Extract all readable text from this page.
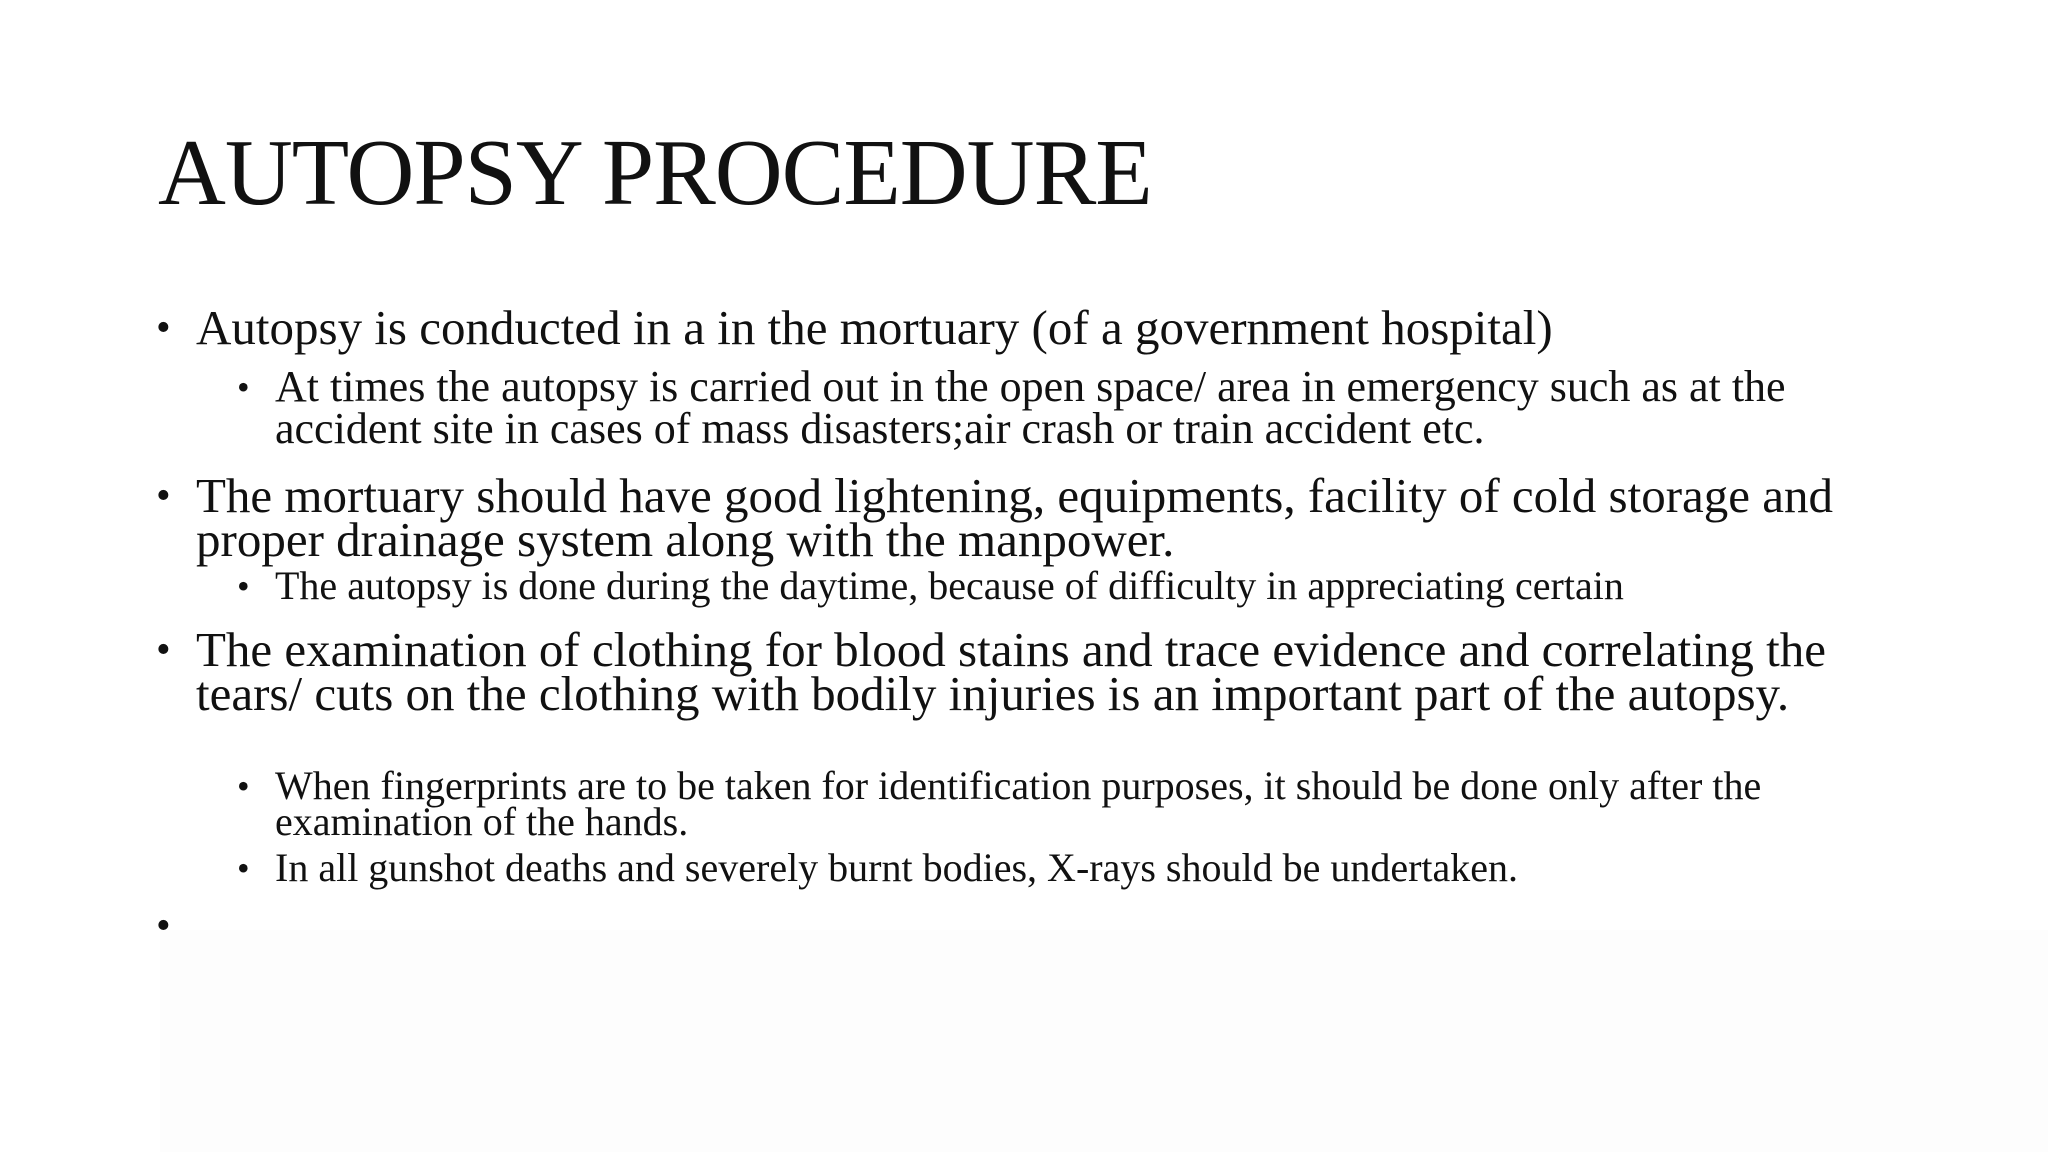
AUTOPSY PROCEDURE
• Autopsy is conducted in a in the mortuary (of a government hospital)
• At times the autopsy is carried out in the open space/ area in emergency such as at the accident site in cases of mass disasters;air crash or train accident etc.
• The mortuary should have good lightening, equipments, facility of cold storage and proper drainage system along with the manpower.
• The autopsy is done during the daytime, because of difficulty in appreciating certain
• The examination of clothing for blood stains and trace evidence and correlating the tears/ cuts on the clothing with bodily injuries is an important part of the autopsy.
• When fingerprints are to be taken for identification purposes, it should be done only after the examination of the hands.
• In all gunshot deaths and severely burnt bodies, X-rays should be undertaken.
•
